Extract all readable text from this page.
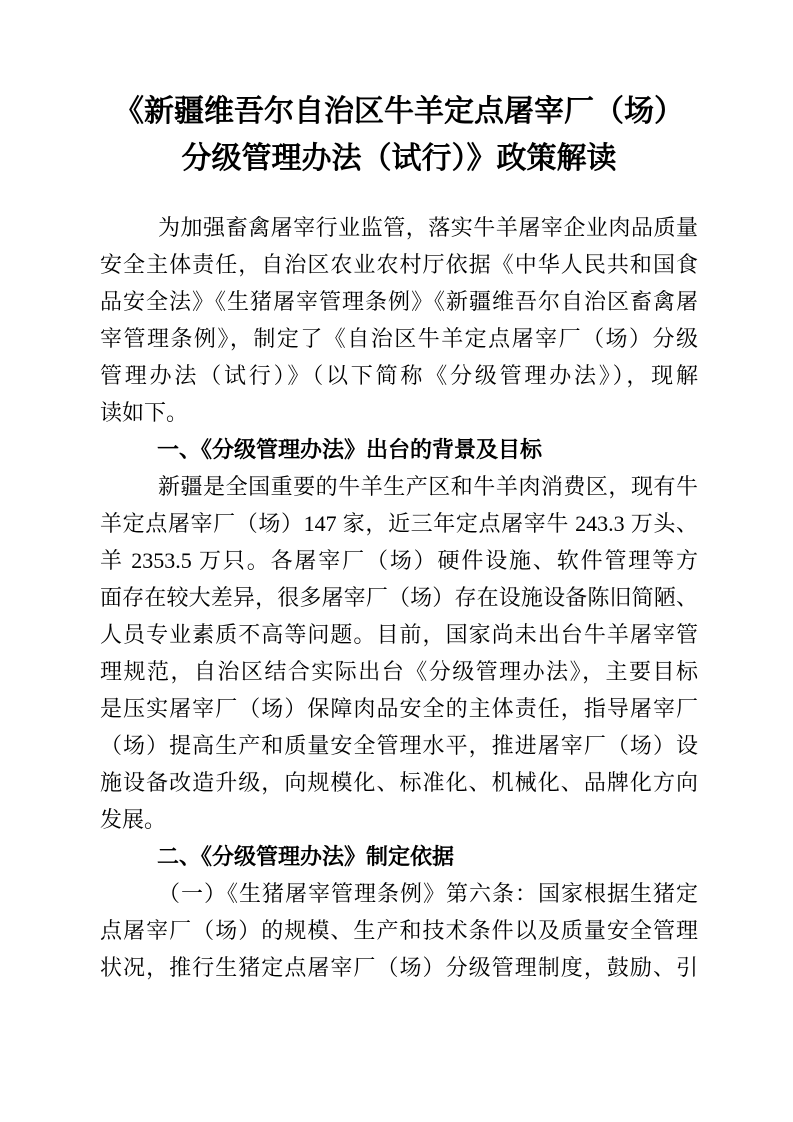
《新疆维吾尔自治区牛羊定点屠宰厂（场）
分级管理办法（试行）》政策解读
为加强畜禽屠宰行业监管，落实牛羊屠宰企业肉品质量
安全主体责任，自治区农业农村厅依据《中华人民共和国食
品安全法》《生猪屠宰管理条例》《新疆维吾尔自治区畜禽屠
宰管理条例》，制定了《自治区牛羊定点屠宰厂（场）分级
管理办法（试行）》（以下简称《分级管理办法》），现解
读如下。
一、《分级管理办法》出台的背景及目标
新疆是全国重要的牛羊生产区和牛羊肉消费区，现有牛
羊定点屠宰厂（场）147 家，近三年定点屠宰牛 243.3 万头、
羊 2353.5 万只。各屠宰厂（场）硬件设施、软件管理等方
面存在较大差异，很多屠宰厂（场）存在设施设备陈旧简陋、
人员专业素质不高等问题。目前，国家尚未出台牛羊屠宰管
理规范，自治区结合实际出台《分级管理办法》，主要目标
是压实屠宰厂（场）保障肉品安全的主体责任，指导屠宰厂
（场）提高生产和质量安全管理水平，推进屠宰厂（场）设
施设备改造升级，向规模化、标准化、机械化、品牌化方向
发展。
二、《分级管理办法》制定依据
（一）《生猪屠宰管理条例》第六条：国家根据生猪定
点屠宰厂（场）的规模、生产和技术条件以及质量安全管理
状况，推行生猪定点屠宰厂（场）分级管理制度，鼓励、引
